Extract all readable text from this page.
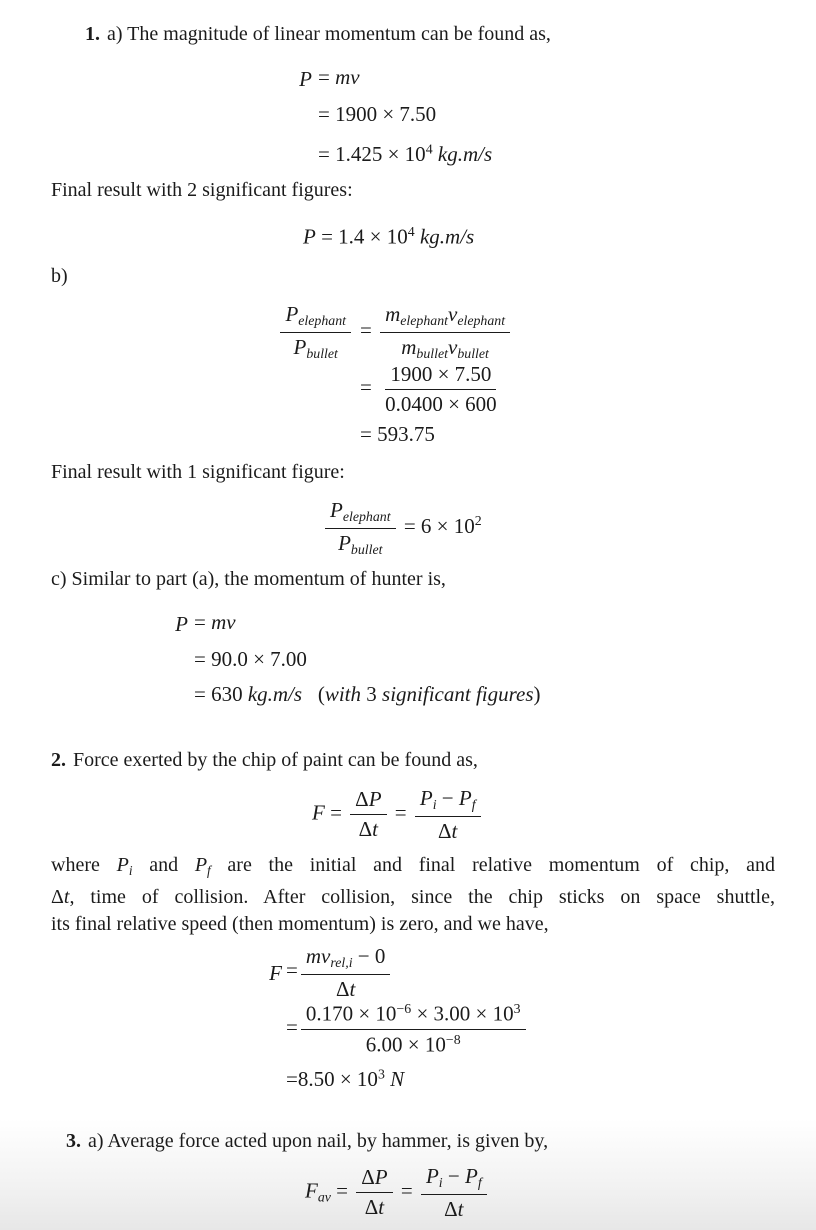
1. a) The magnitude of linear momentum can be found as,
P = mv
= 1900 × 7.50
= $1.425 \times 10^4$ kg.m/s
Final result with 2 significant figures:
$P = 1.4 \times 10^4$ kg.m/s
b)
$\frac{\text{Pelephant}}{\text{Pbullet}} = \frac{\text{melephantvelephant}}{\text{mbulletvbullet}}$
= $\frac{1900 \times 7.50}{0.0400 \times 600}$
= 593.75
Final result with 1 significant figure:
$\frac{\text{Pelephant}}{\text{Pbullet}} = 6 \times 10^2$
c) Similar to part (a), the momentum of hunter is,
P = mv
= 90.0 × 7.00
= 630 kg.m/s   (with 3 significant figures)
2. Force exerted by the chip of paint can be found as,
$F = \frac{\Delta P}{\Delta t} = \frac{Pi - Pf}{\Delta t}$
where Pi and Pf are the initial and final relative momentum of chip, and
Δt, time of collision. After collision, since the chip sticks on space shuttle,
its final relative speed (then momentum) is zero, and we have,
$F = \frac{\text{mvrel,i − 0}}{\Delta t}$
= $\frac{0.170 \times 10^{-6} \times 3.00 \times 10^3}{6.00 \times 10^{-8}}$
$=8.50 \times 10^3$ N
3. a) Average force acted upon nail, by hammer, is given by,
Fav = $\frac{\Delta P}{\Delta t} = \frac{Pi - Pf}{\Delta t}$
